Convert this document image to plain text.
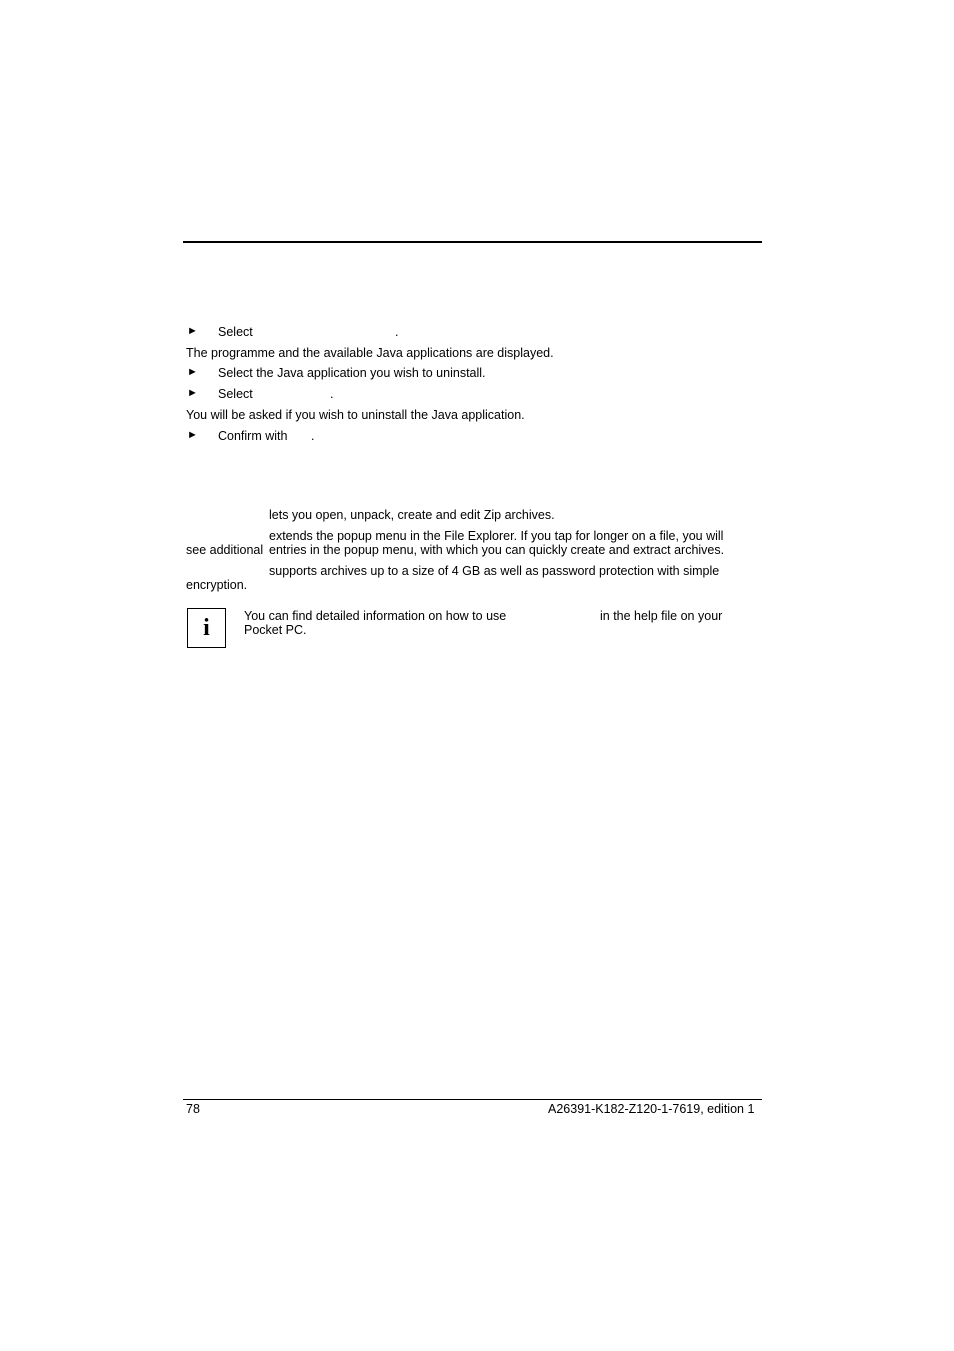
► Select	.
The programme and the available Java applications are displayed.
► Select the Java application you wish to uninstall.
► Select	.
You will be asked if you wish to uninstall the Java application.
► Confirm with .
lets you open, unpack, create and edit Zip archives.
extends the popup menu in the File Explorer. If you tap for longer on a file, you will
see additional entries in the popup menu, with which you can quickly create and extract archives.
supports archives up to a size of 4 GB as well as password protection with simple
encryption.
i	You can find detailed information on how to use	in the help file on your
Pocket PC.
78	A26391-K182-Z120-1-7619, edition 1
